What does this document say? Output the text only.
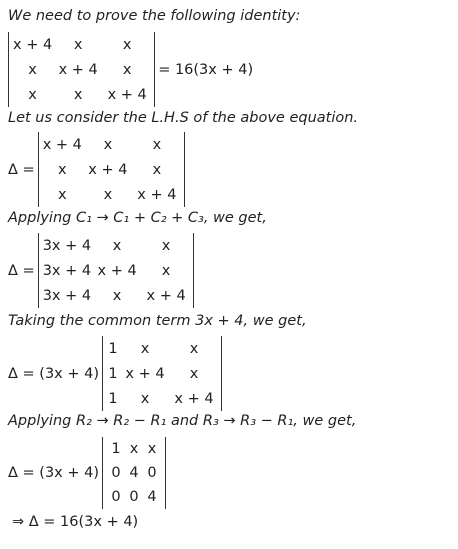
We need to prove the following identity:
x + 4	x	x
x	x + 4	x
x	x	x + 4
= 16(3x + 4)
Let us consider the L.H.S of the above equation.
Δ =
x + 4	x	x
x	x + 4	x
x	x	x + 4
Applying C₁ → C₁ + C₂ + C₃, we get,
Δ =
3x + 4	x	x
3x + 4	x + 4	x
3x + 4	x	x + 4
Taking the common term 3x + 4, we get,
Δ = (3x + 4)
1	x	x
1	x + 4	x
1	x	x + 4
Applying R₂ → R₂ − R₁ and R₃ → R₃ − R₁, we get,
Δ = (3x + 4)
1	x	x
0	4	0
0	0	4
⇒ Δ = 16(3x + 4)
